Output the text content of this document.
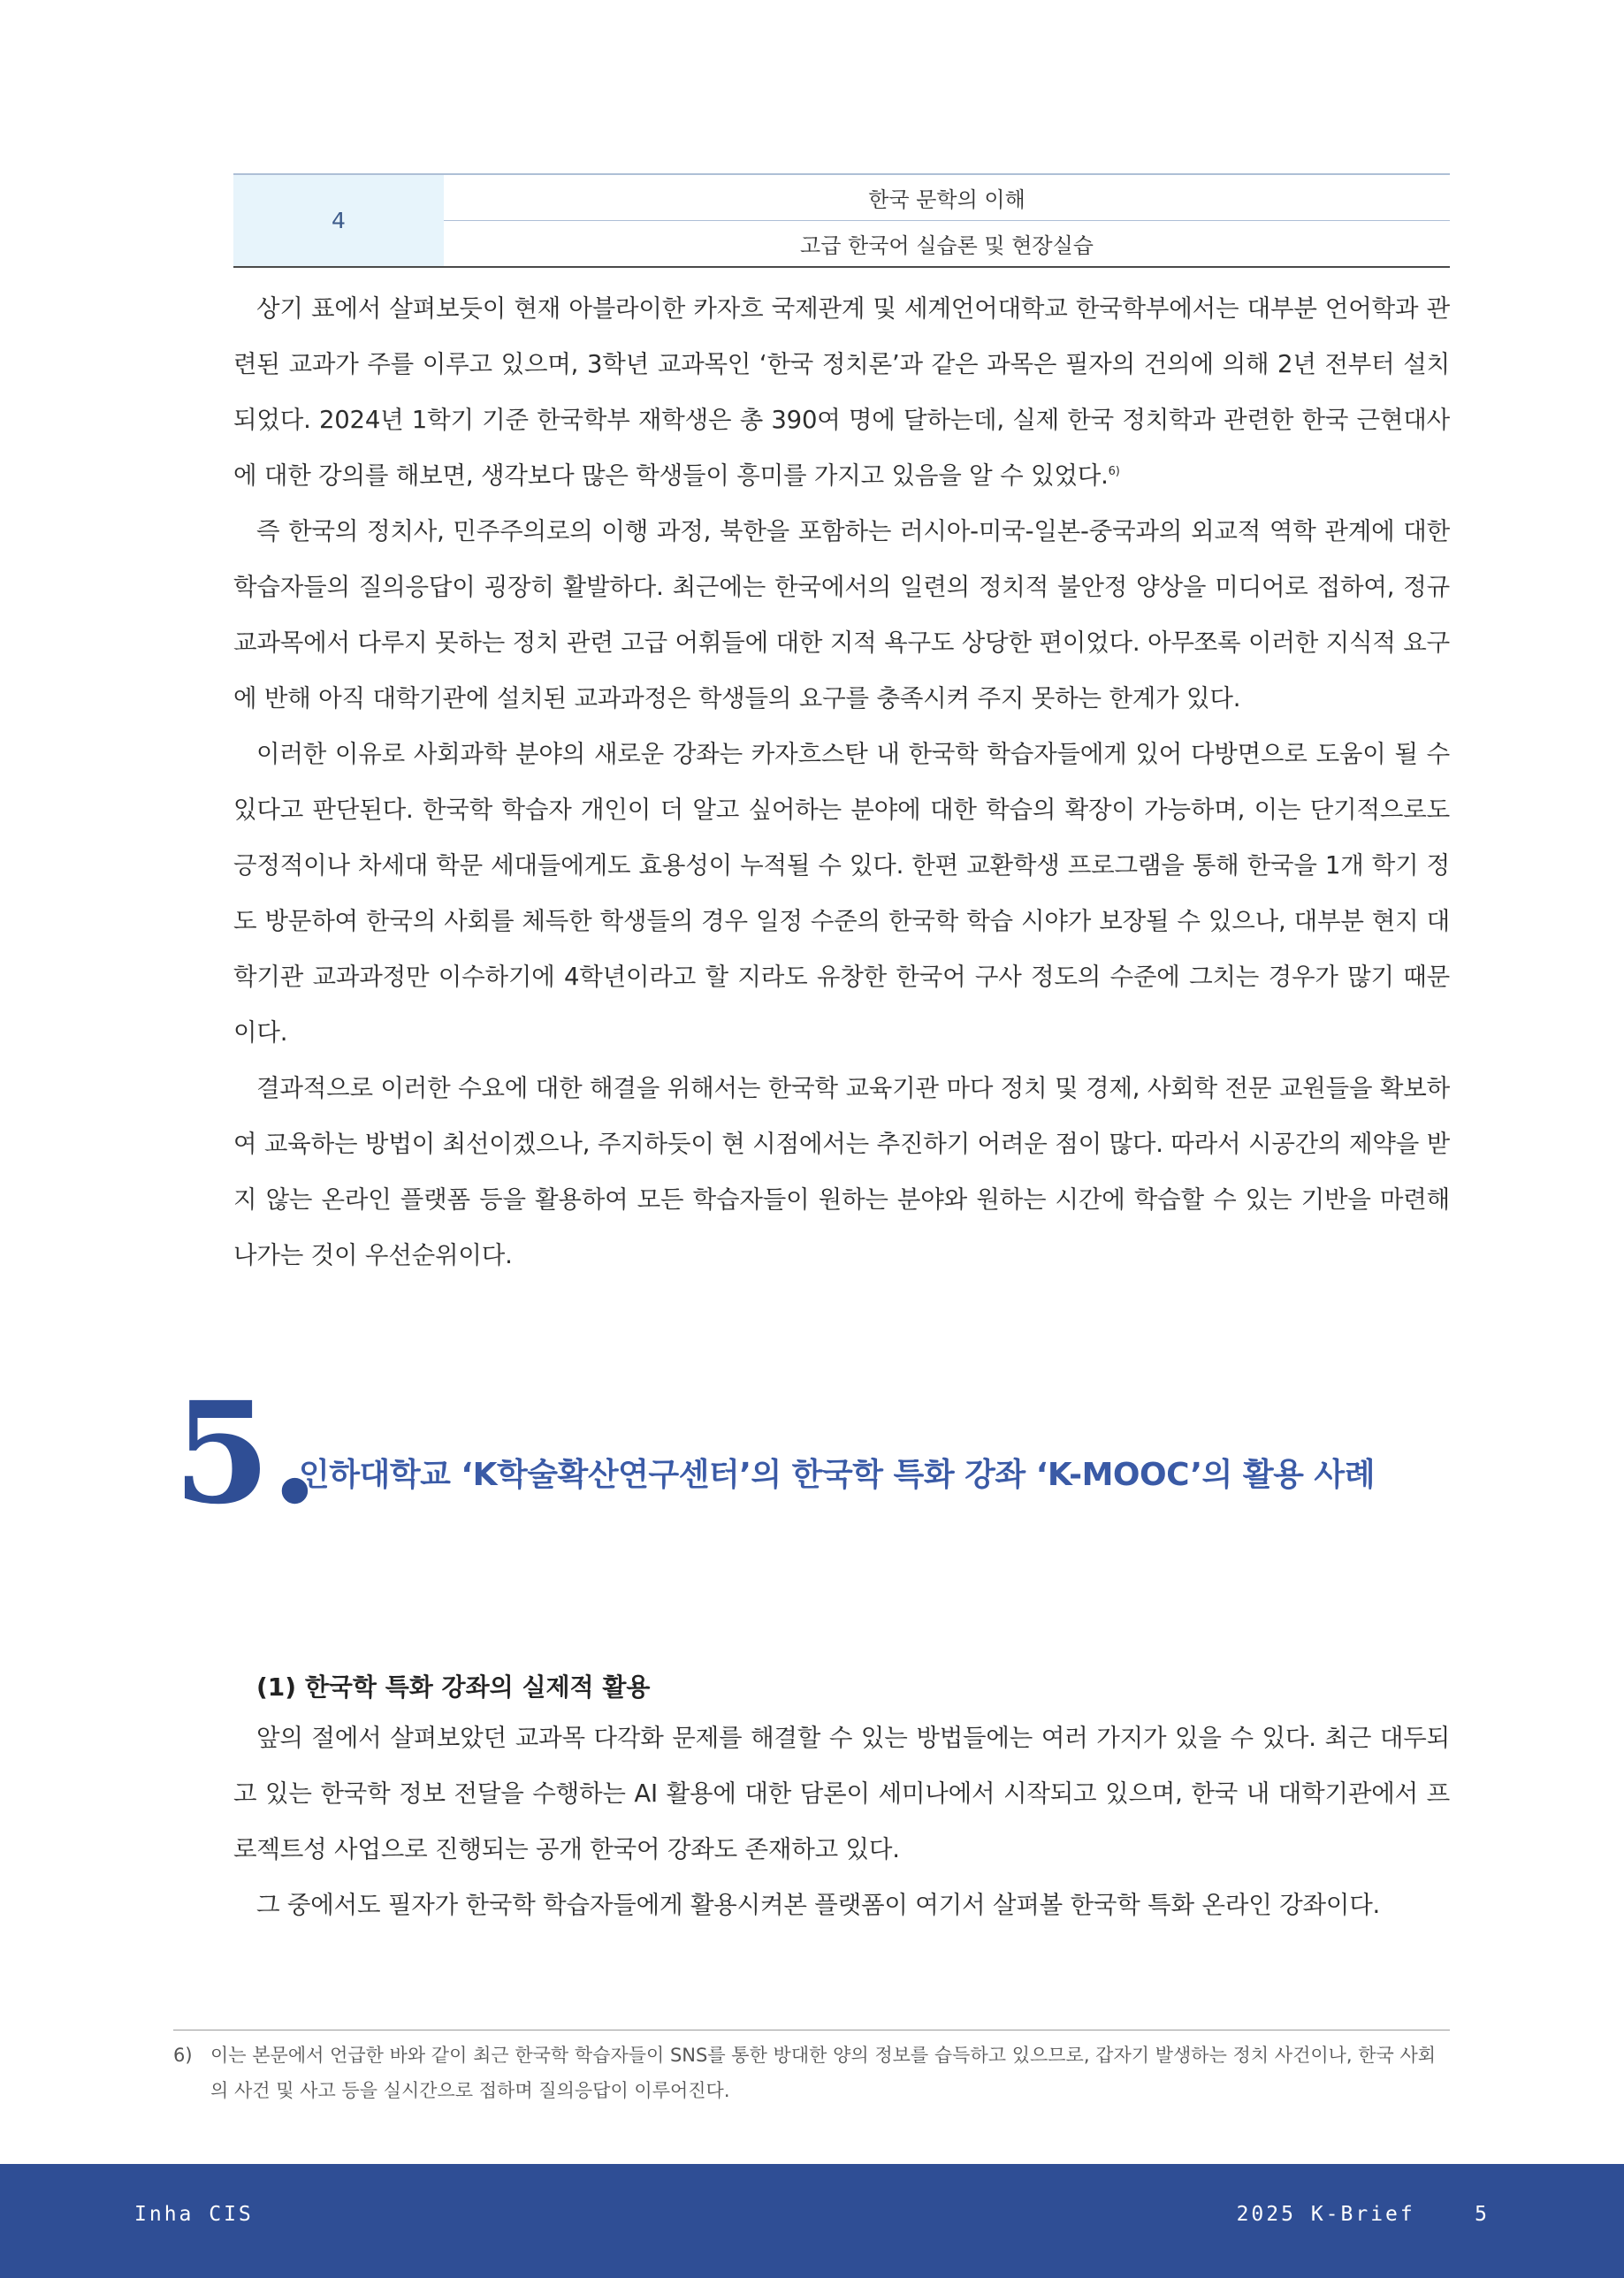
4
한국 문학의 이해
고급 한국어 실습론 및 현장실습

상기 표에서 살펴보듯이 현재 아블라이한 카자흐 국제관계 및 세계언어대학교 한국학부에서는 대부분 언어학과 관련된 교과가 주를 이루고 있으며, 3학년 교과목인 ‘한국 정치론’과 같은 과목은 필자의 건의에 의해 2년 전부터 설치되었다. 2024년 1학기 기준 한국학부 재학생은 총 390여 명에 달하는데, 실제 한국 정치학과 관련한 한국 근현대사에 대한 강의를 해보면, 생각보다 많은 학생들이 흥미를 가지고 있음을 알 수 있었다.$^{6)}$

즉 한국의 정치사, 민주주의로의 이행 과정, 북한을 포함하는 러시아-미국-일본-중국과의 외교적 역학 관계에 대한 학습자들의 질의응답이 굉장히 활발하다. 최근에는 한국에서의 일련의 정치적 불안정 양상을 미디어로 접하여, 정규 교과목에서 다루지 못하는 정치 관련 고급 어휘들에 대한 지적 욕구도 상당한 편이었다. 아무쪼록 이러한 지식적 요구에 반해 아직 대학기관에 설치된 교과과정은 학생들의 요구를 충족시켜 주지 못하는 한계가 있다.

이러한 이유로 사회과학 분야의 새로운 강좌는 카자흐스탄 내 한국학 학습자들에게 있어 다방면으로 도움이 될 수 있다고 판단된다. 한국학 학습자 개인이 더 알고 싶어하는 분야에 대한 학습의 확장이 가능하며, 이는 단기적으로도 긍정적이나 차세대 학문 세대들에게도 효용성이 누적될 수 있다. 한편 교환학생 프로그램을 통해 한국을 1개 학기 정도 방문하여 한국의 사회를 체득한 학생들의 경우 일정 수준의 한국학 학습 시야가 보장될 수 있으나, 대부분 현지 대학기관 교과과정만 이수하기에 4학년이라고 할 지라도 유창한 한국어 구사 정도의 수준에 그치는 경우가 많기 때문이다.

결과적으로 이러한 수요에 대한 해결을 위해서는 한국학 교육기관 마다 정치 및 경제, 사회학 전문 교원들을 확보하여 교육하는 방법이 최선이겠으나, 주지하듯이 현 시점에서는 추진하기 어려운 점이 많다. 따라서 시공간의 제약을 받지 않는 온라인 플랫폼 등을 활용하여 모든 학습자들이 원하는 분야와 원하는 시간에 학습할 수 있는 기반을 마련해 나가는 것이 우선순위이다.

5.
인하대학교 ‘K학술확산연구센터’의 한국학 특화 강좌 ‘K-MOOC’의 활용 사례
(1) 한국학 특화 강좌의 실제적 활용

앞의 절에서 살펴보았던 교과목 다각화 문제를 해결할 수 있는 방법들에는 여러 가지가 있을 수 있다. 최근 대두되고 있는 한국학 정보 전달을 수행하는 AI 활용에 대한 담론이 세미나에서 시작되고 있으며, 한국 내 대학기관에서 프로젝트성 사업으로 진행되는 공개 한국어 강좌도 존재하고 있다.

그 중에서도 필자가 한국학 학습자들에게 활용시켜본 플랫폼이 여기서 살펴볼 한국학 특화 온라인 강좌이다.

6) 이는 본문에서 언급한 바와 같이 최근 한국학 학습자들이 SNS를 통한 방대한 양의 정보를 습득하고 있으므로, 갑자기 발생하는 정치 사건이나, 한국 사회의 사건 및 사고 등을 실시간으로 접하며 질의응답이 이루어진다.
Inha CIS	2025 K-Brief	5
